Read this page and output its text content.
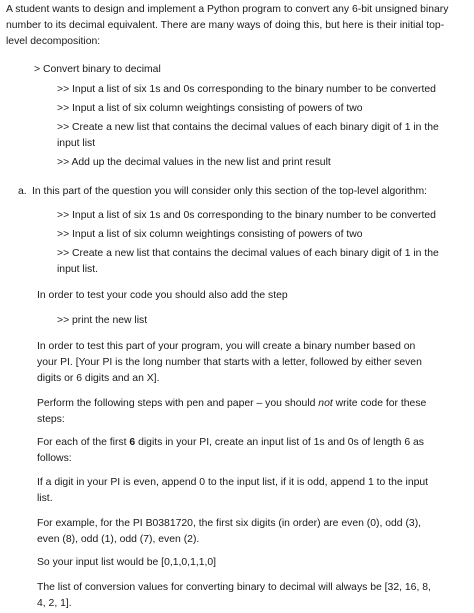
A student wants to design and implement a Python program to convert any 6-bit unsigned binary number to its decimal equivalent. There are many ways of doing this, but here is their initial top-level decomposition:

> Convert binary to decimal

>> Input a list of six 1s and 0s corresponding to the binary number to be converted

>> Input a list of six column weightings consisting of powers of two

>> Create a new list that contains the decimal values of each binary digit of 1 in the input list

>> Add up the decimal values in the new list and print result

a. In this part of the question you will consider only this section of the top-level algorithm:

>> Input a list of six 1s and 0s corresponding to the binary number to be converted

>> Input a list of six column weightings consisting of powers of two

>> Create a new list that contains the decimal values of each binary digit of 1 in the input list.

In order to test your code you should also add the step

>> print the new list

In order to test this part of your program, you will create a binary number based on your PI. [Your PI is the long number that starts with a letter, followed by either seven digits or 6 digits and an X].

Perform the following steps with pen and paper – you should not write code for these steps:

For each of the first 6 digits in your PI, create an input list of 1s and 0s of length 6 as follows:

If a digit in your PI is even, append 0 to the input list, if it is odd, append 1 to the input list.

For example, for the PI B0381720, the first six digits (in order) are even (0), odd (3), even (8), odd (1), odd (7), even (2).

So your input list would be [0,1,0,1,1,0]

The list of conversion values for converting binary to decimal will always be [32, 16, 8, 4, 2, 1].
